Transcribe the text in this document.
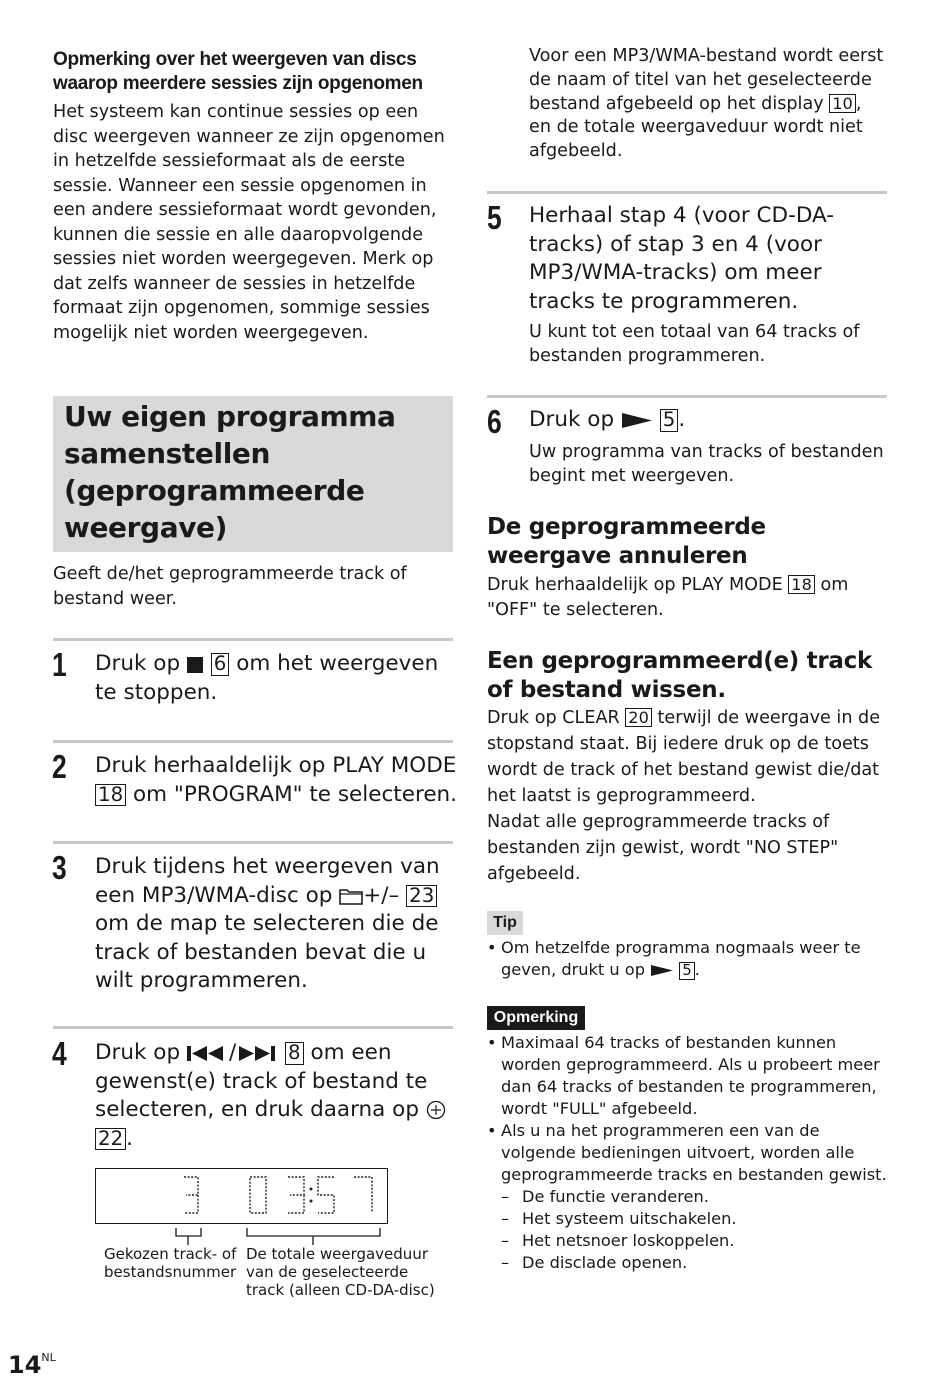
Opmerking over het weergeven van discs waarop meerdere sessies zijn opgenomen
Het systeem kan continue sessies op een disc weergeven wanneer ze zijn opgenomen in hetzelfde sessieformaat als de eerste sessie. Wanneer een sessie opgenomen in een andere sessieformaat wordt gevonden, kunnen die sessie en alle daaropvolgende sessies niet worden weergegeven. Merk op dat zelfs wanneer de sessies in hetzelfde formaat zijn opgenomen, sommige sessies mogelijk niet worden weergegeven.
Uw eigen programma samenstellen (geprogrammeerde weergave)
Geeft de/het geprogrammeerde track of bestand weer.
1 Druk op 6 om het weergeven te stoppen.
2 Druk herhaaldelijk op PLAY MODE 18 om "PROGRAM" te selecteren.
3 Druk tijdens het weergeven van een MP3/WMA-disc op +/– 23 om de map te selecteren die de track of bestanden bevat die u wilt programmeren.
4 Druk op /	8 om een gewenst(e) track of bestand te selecteren, en druk daarna op  22 .
Gekozen track- of bestandsnummer
De totale weergaveduur van de geselecteerde track (alleen CD-DA-disc)
$14^{NL}$
Voor een MP3/WMA-bestand wordt eerst de naam of titel van het geselecteerde bestand afgebeeld op het display 10 , en de totale weergaveduur wordt niet afgebeeld.
5 Herhaal stap 4 (voor CD-DA-tracks) of stap 3 en 4 (voor MP3/WMA-tracks) om meer tracks te programmeren.
U kunt tot een totaal van 64 tracks of bestanden programmeren.
6 Druk op 5 .
Uw programma van tracks of bestanden begint met weergeven.
De geprogrammeerde weergave annuleren
Druk herhaaldelijk op PLAY MODE 18 om "OFF" te selecteren.
Een geprogrammeerd(e) track of bestand wissen.
Druk op CLEAR 20 terwijl de weergave in de stopstand staat. Bij iedere druk op de toets wordt de track of het bestand gewist die/dat het laatst is geprogrammeerd.
Nadat alle geprogrammeerde tracks of bestanden zijn gewist, wordt "NO STEP" afgebeeld.
Tip
• Om hetzelfde programma nogmaals weer te geven, drukt u op	5 .
Opmerking
• Maximaal 64 tracks of bestanden kunnen worden geprogrammeerd. Als u probeert meer dan 64 tracks of bestanden te programmeren, wordt "FULL" afgebeeld.
• Als u na het programmeren een van de volgende bedieningen uitvoert, worden alle geprogrammeerde tracks en bestanden gewist.
– De functie veranderen.
– Het systeem uitschakelen.
– Het netsnoer loskoppelen.
– De disclade openen.
